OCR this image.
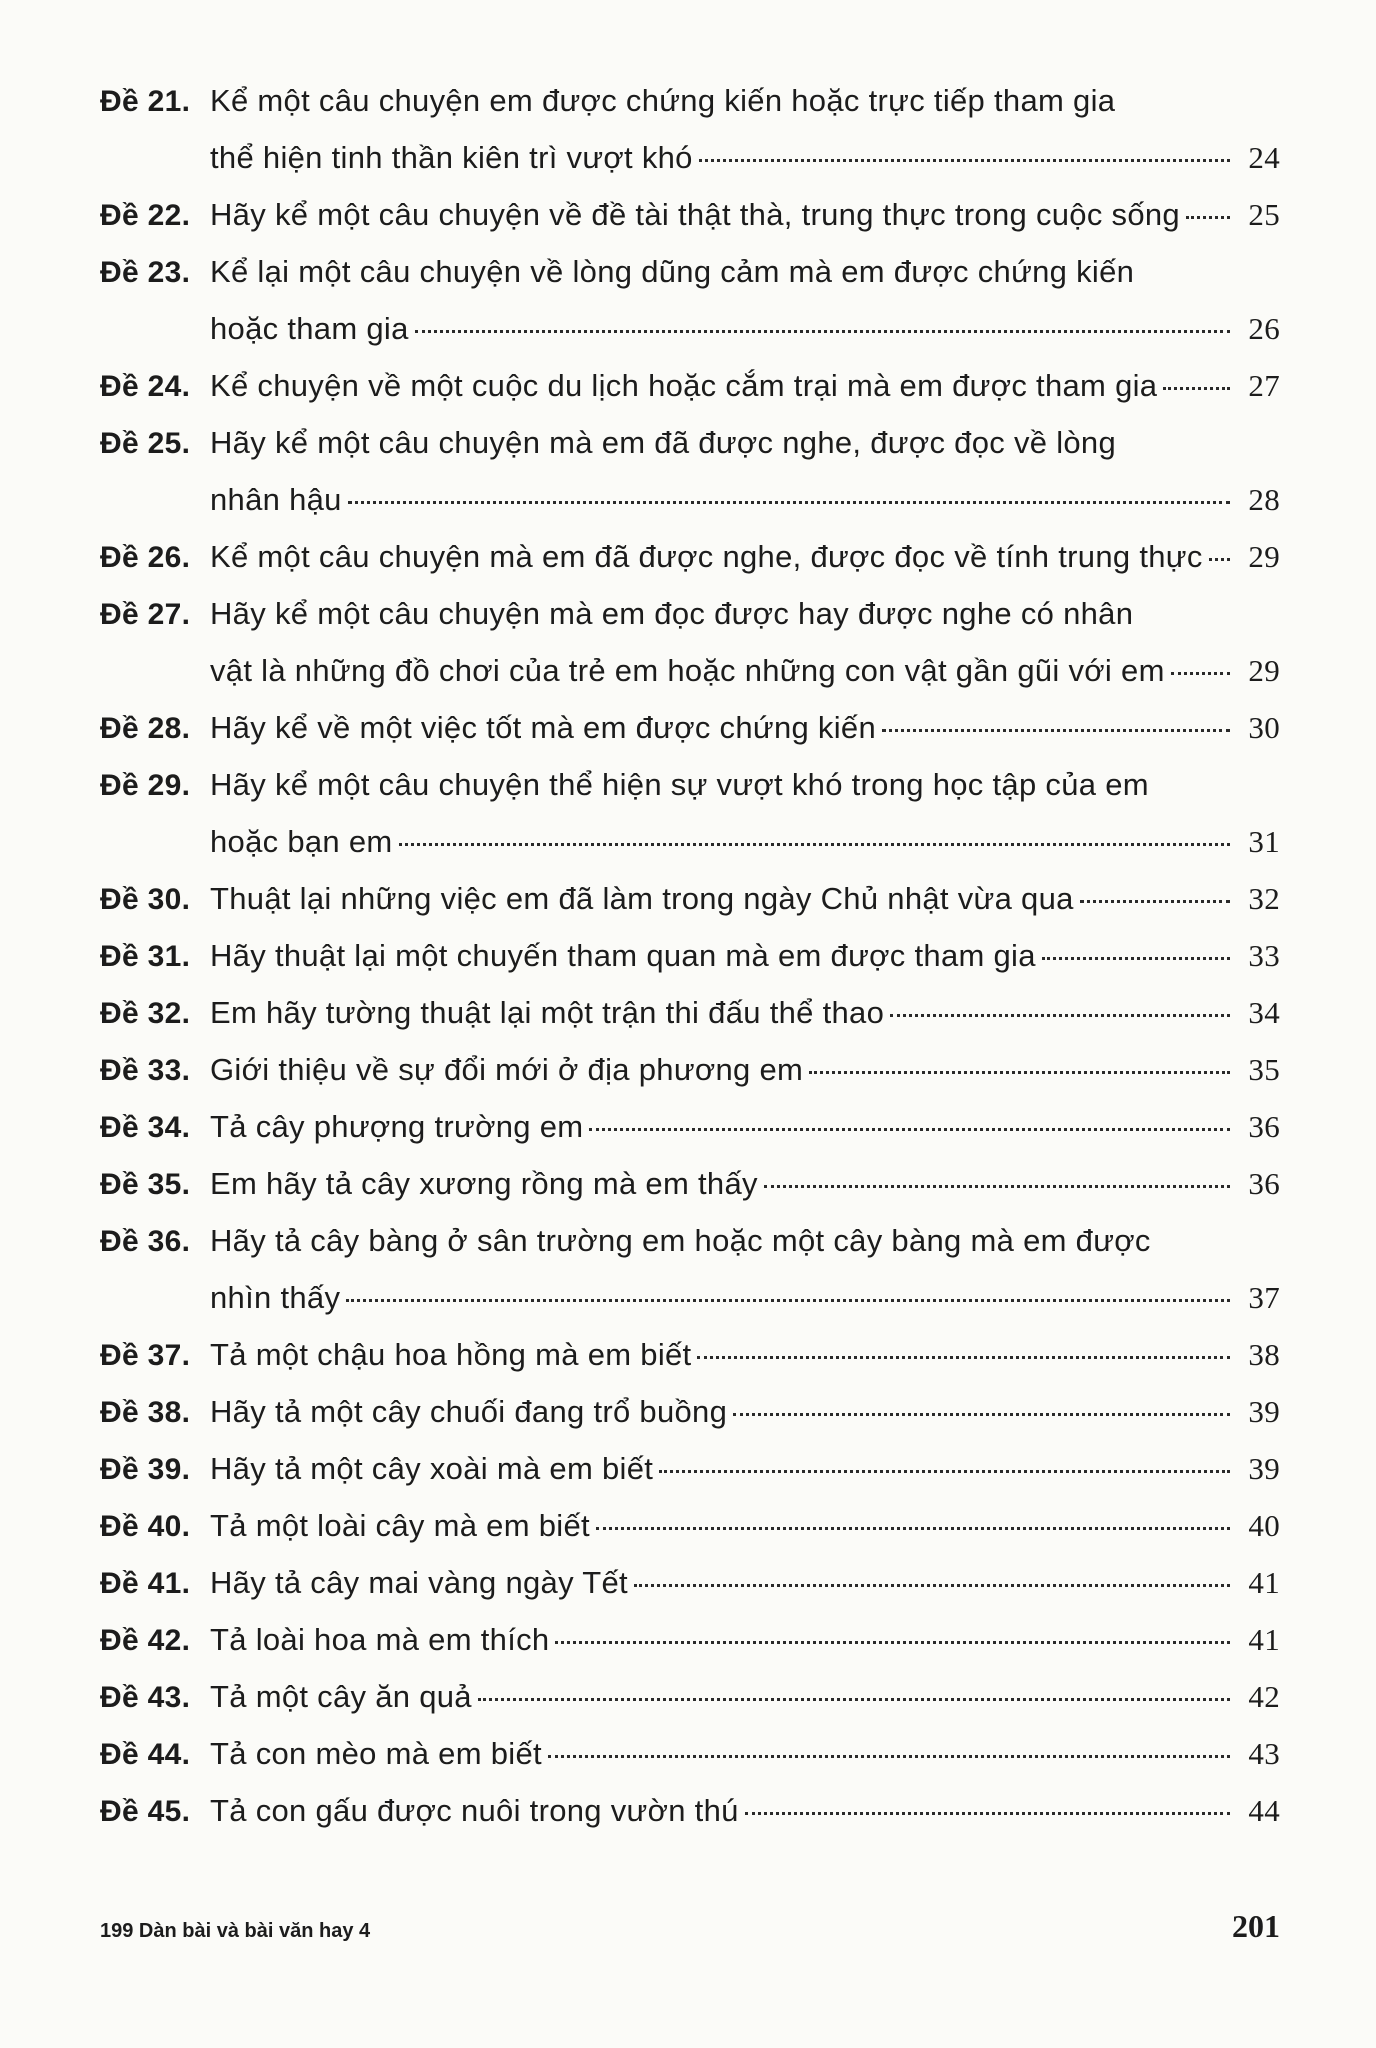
Đề 21. Kể một câu chuyện em được chứng kiến hoặc trực tiếp tham gia
thể hiện tinh thần kiên trì vượt khó	24
Đề 22. Hãy kể một câu chuyện về đề tài thật thà, trung thực trong cuộc sống	25
Đề 23. Kể lại một câu chuyện về lòng dũng cảm mà em được chứng kiến
hoặc tham gia	26
Đề 24. Kể chuyện về một cuộc du lịch hoặc cắm trại mà em được tham gia	27
Đề 25. Hãy kể một câu chuyện mà em đã được nghe, được đọc về lòng
nhân hậu	28
Đề 26. Kể một câu chuyện mà em đã được nghe, được đọc về tính trung thực	29
Đề 27. Hãy kể một câu chuyện mà em đọc được hay được nghe có nhân
vật là những đồ chơi của trẻ em hoặc những con vật gần gũi với em	29
Đề 28. Hãy kể về một việc tốt mà em được chứng kiến	30
Đề 29. Hãy kể một câu chuyện thể hiện sự vượt khó trong học tập của em
hoặc bạn em	31
Đề 30. Thuật lại những việc em đã làm trong ngày Chủ nhật vừa qua	32
Đề 31. Hãy thuật lại một chuyến tham quan mà em được tham gia	33
Đề 32. Em hãy tường thuật lại một trận thi đấu thể thao	34
Đề 33. Giới thiệu về sự đổi mới ở địa phương em	35
Đề 34. Tả cây phượng trường em	36
Đề 35. Em hãy tả cây xương rồng mà em thấy	36
Đề 36. Hãy tả cây bàng ở sân trường em hoặc một cây bàng mà em được
nhìn thấy	37
Đề 37. Tả một chậu hoa hồng mà em biết	38
Đề 38. Hãy tả một cây chuối đang trổ buồng	39
Đề 39. Hãy tả một cây xoài mà em biết	39
Đề 40. Tả một loài cây mà em biết	40
Đề 41. Hãy tả cây mai vàng ngày Tết	41
Đề 42. Tả loài hoa mà em thích	41
Đề 43. Tả một cây ăn quả	42
Đề 44. Tả con mèo mà em biết	43
Đề 45. Tả con gấu được nuôi trong vườn thú	44
199 Dàn bài và bài văn hay 4	201
